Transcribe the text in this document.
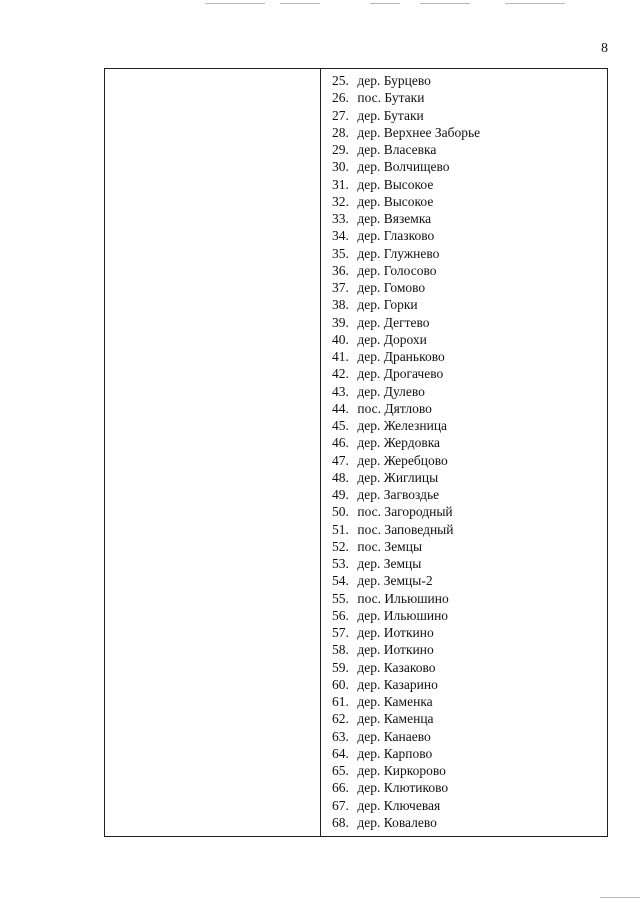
8
25. дер. Бурцево
26. пос. Бутаки
27. дер. Бутаки
28. дер. Верхнее Заборье
29. дер. Власевка
30. дер. Волчищево
31. дер. Высокое
32. дер. Высокое
33. дер. Вяземка
34. дер. Глазково
35. дер. Глужнево
36. дер. Голосово
37. дер. Гомово
38. дер. Горки
39. дер. Дегтево
40. дер. Дорохи
41. дер. Драньково
42. дер. Дрогачево
43. дер. Дулево
44. пос. Дятлово
45. дер. Железница
46. дер. Жердовка
47. дер. Жеребцово
48. дер. Жиглицы
49. дер. Загвоздье
50. пос. Загородный
51. пос. Заповедный
52. пос. Земцы
53. дер. Земцы
54. дер. Земцы-2
55. пос. Ильюшино
56. дер. Ильюшино
57. дер. Иоткино
58. дер. Иоткино
59. дер. Казаково
60. дер. Казарино
61. дер. Каменка
62. дер. Каменца
63. дер. Канаево
64. дер. Карпово
65. дер. Киркорово
66. дер. Клютиково
67. дер. Ключевая
68. дер. Ковалево
